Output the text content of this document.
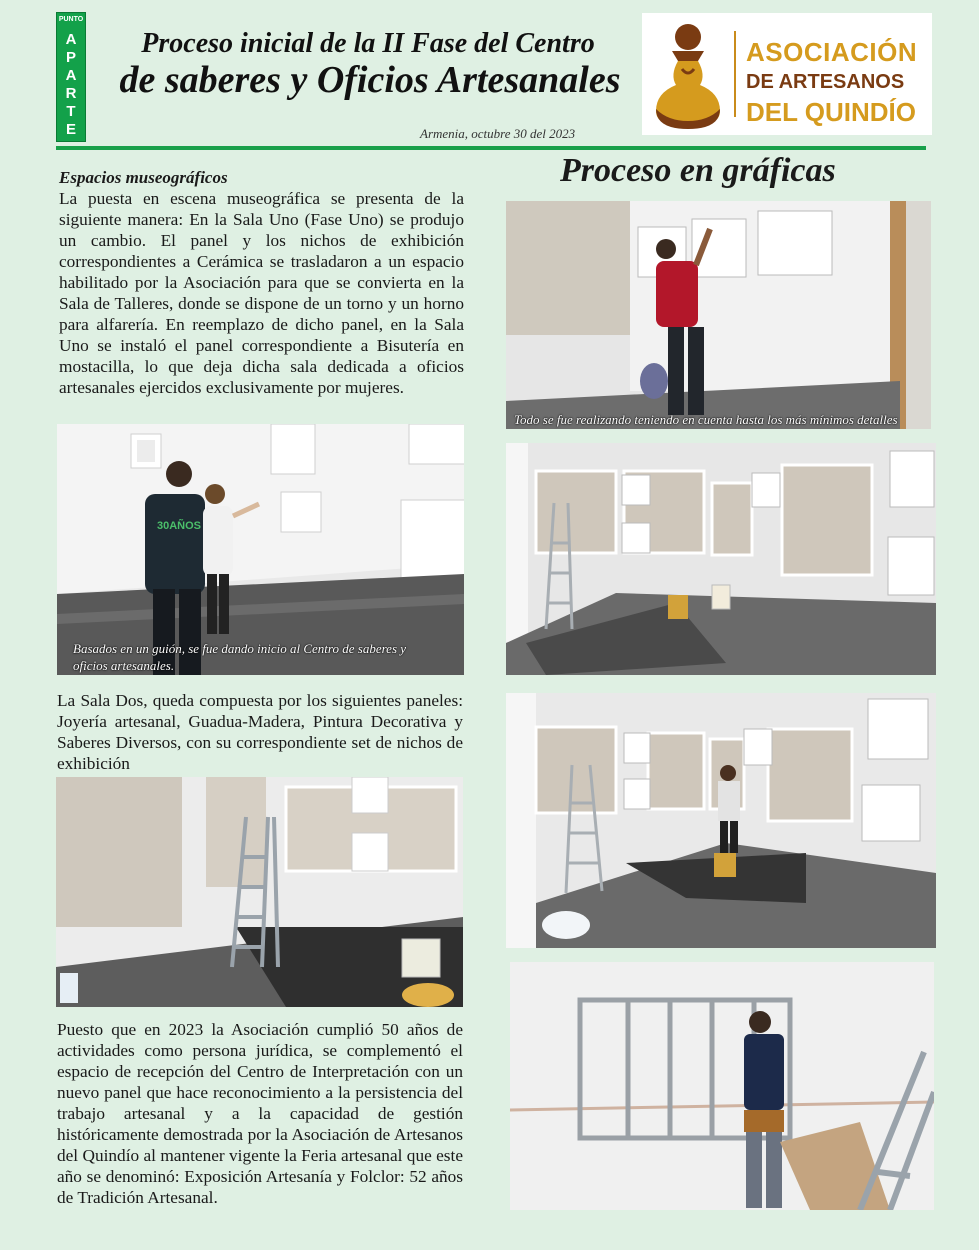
PUNTO
A
P
A
R
T
E
Proceso inicial de la II Fase del Centro
de saberes y Oficios Artesanales
Armenia, octubre 30 del 2023
ASOCIACIÓN
DE ARTESANOS
DEL QUINDÍO
Espacios museográficos
La puesta en escena museográfica se presenta de la siguiente manera: En la Sala Uno (Fase Uno) se produjo un cambio. El panel y los nichos de exhibición correspondientes a Cerámica se trasladaron a un espacio habilitado por la Asociación para que se convierta en la Sala de Talleres, donde se dispone de un torno y un horno para alfarería. En reemplazo de dicho panel, en la Sala Uno se instaló el panel correspondiente a Bisutería en mostacilla, lo que deja dicha sala dedicada a oficios artesanales ejercidos exclusivamente por mujeres.
30AÑOS
Basados en un guión, se fue dando inicio al Centro de saberes y oficios artesanales.
La Sala Dos, queda compuesta por los siguientes paneles: Joyería artesanal, Guadua-Madera, Pintura Decorativa y Saberes Diversos, con su correspondiente set de nichos de exhibición
Puesto que en 2023 la Asociación cumplió 50 años de actividades como persona jurídica, se complementó el espacio de recepción del Centro de Interpretación con un nuevo panel que hace reconocimiento a la persistencia del trabajo artesanal y a la capacidad de gestión históricamente demostrada por la Asociación de Artesanos del Quindío al mantener vigente la Feria artesanal que este año se denominó: Exposición Artesanía y Folclor: 52 años de Tradición Artesanal.
Proceso en gráficas
Todo se fue realizando teniendo en cuenta hasta los más mínimos detalles
